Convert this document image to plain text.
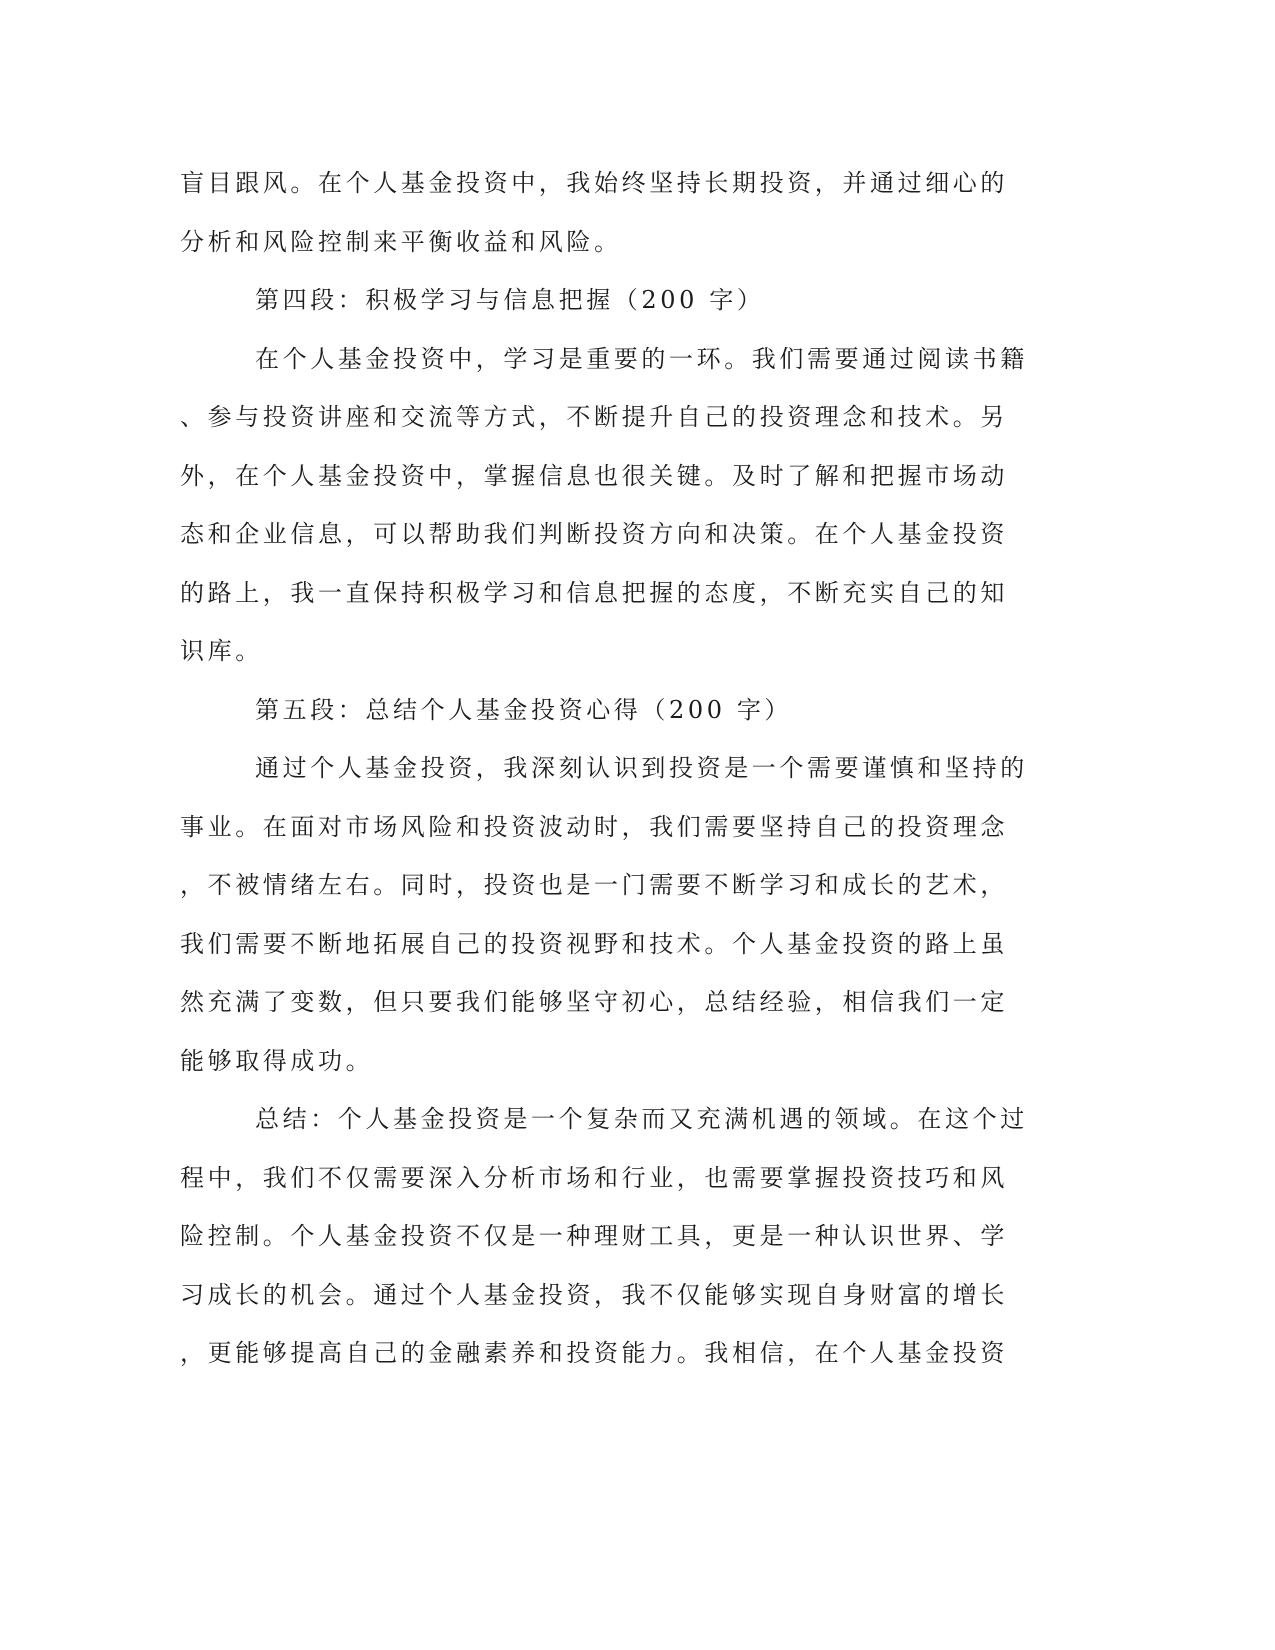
盲目跟风。在个人基金投资中，我始终坚持长期投资，并通过细心的
分析和风险控制来平衡收益和风险。
第四段：积极学习与信息把握（200 字）
在个人基金投资中，学习是重要的一环。我们需要通过阅读书籍
、参与投资讲座和交流等方式，不断提升自己的投资理念和技术。另
外，在个人基金投资中，掌握信息也很关键。及时了解和把握市场动
态和企业信息，可以帮助我们判断投资方向和决策。在个人基金投资
的路上，我一直保持积极学习和信息把握的态度，不断充实自己的知
识库。
第五段：总结个人基金投资心得（200 字）
通过个人基金投资，我深刻认识到投资是一个需要谨慎和坚持的
事业。在面对市场风险和投资波动时，我们需要坚持自己的投资理念
，不被情绪左右。同时，投资也是一门需要不断学习和成长的艺术，
我们需要不断地拓展自己的投资视野和技术。个人基金投资的路上虽
然充满了变数，但只要我们能够坚守初心，总结经验，相信我们一定
能够取得成功。
总结：个人基金投资是一个复杂而又充满机遇的领域。在这个过
程中，我们不仅需要深入分析市场和行业，也需要掌握投资技巧和风
险控制。个人基金投资不仅是一种理财工具，更是一种认识世界、学
习成长的机会。通过个人基金投资，我不仅能够实现自身财富的增长
，更能够提高自己的金融素养和投资能力。我相信，在个人基金投资
